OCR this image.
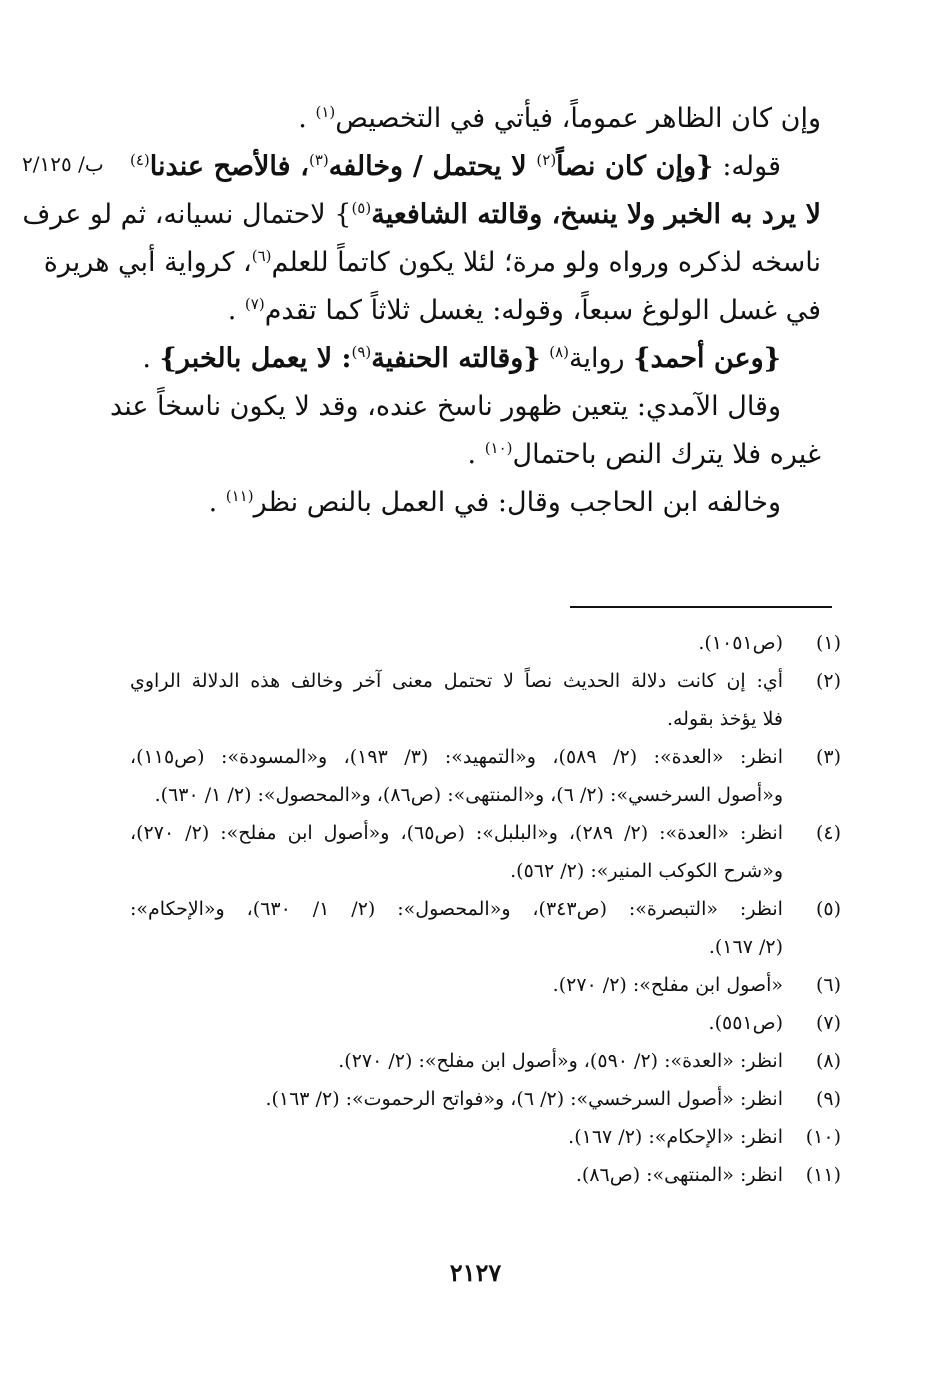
ب/ ٢/١٢٥
وإن كان الظاهر عموماً، فيأتي في التخصيص$^{(١)}$ .
قوله: {وإن كان نصاً$^{(٢)}$ لا يحتمل / وخالفه$^{(٣)}$، فالأصح عندنا$^{(٤)}$
لا يرد به الخبر ولا ينسخ، وقالته الشافعية$^{(٥)}$} لاحتمال نسيانه، ثم لو عرف
ناسخه لذكره ورواه ولو مرة؛ لئلا يكون كاتماً للعلم$^{(٦)}$، كرواية أبي هريرة
في غسل الولوغ سبعاً، وقوله: يغسل ثلاثاً كما تقدم$^{(٧)}$ .
{وعن أحمد} رواية$^{(٨)}$ {وقالته الحنفية$^{(٩)}$: لا يعمل بالخبر} .
وقال الآمدي: يتعين ظهور ناسخ عنده، وقد لا يكون ناسخاً عند
غيره فلا يترك النص باحتمال$^{(١٠)}$ .
وخالفه ابن الحاجب وقال: في العمل بالنص نظر$^{(١١)}$ .
(١)
(ص١٠٥١).
(٢)
أي: إن كانت دلالة الحديث نصاً لا تحتمل معنى آخر وخالف هذه الدلالة الراوي
فلا يؤخذ بقوله.
(٣)
انظر: «العدة»: (٢/ ٥٨٩)، و«التمهيد»: (٣/ ١٩٣)، و«المسودة»: (ص١١٥)،
و«أصول السرخسي»: (٢/ ٦)، و«المنتهى»: (ص٨٦)، و«المحصول»: (٢/ ١/ ٦٣٠).
(٤)
انظر: «العدة»: (٢/ ٢٨٩)، و«البلبل»: (ص٦٥)، و«أصول ابن مفلح»: (٢/ ٢٧٠)،
و«شرح الكوكب المنير»: (٢/ ٥٦٢).
(٥)
انظر: «التبصرة»: (ص٣٤٣)، و«المحصول»: (٢/ ١/ ٦٣٠)، و«الإحكام»:
(٢/ ١٦٧).
(٦)
«أصول ابن مفلح»: (٢/ ٢٧٠).
(٧)
(ص٥٥١).
(٨)
انظر: «العدة»: (٢/ ٥٩٠)، و«أصول ابن مفلح»: (٢/ ٢٧٠).
(٩)
انظر: «أصول السرخسي»: (٢/ ٦)، و«فواتح الرحموت»: (٢/ ١٦٣).
(١٠)
انظر: «الإحكام»: (٢/ ١٦٧).
(١١)
انظر: «المنتهى»: (ص٨٦).
٢١٢٧
